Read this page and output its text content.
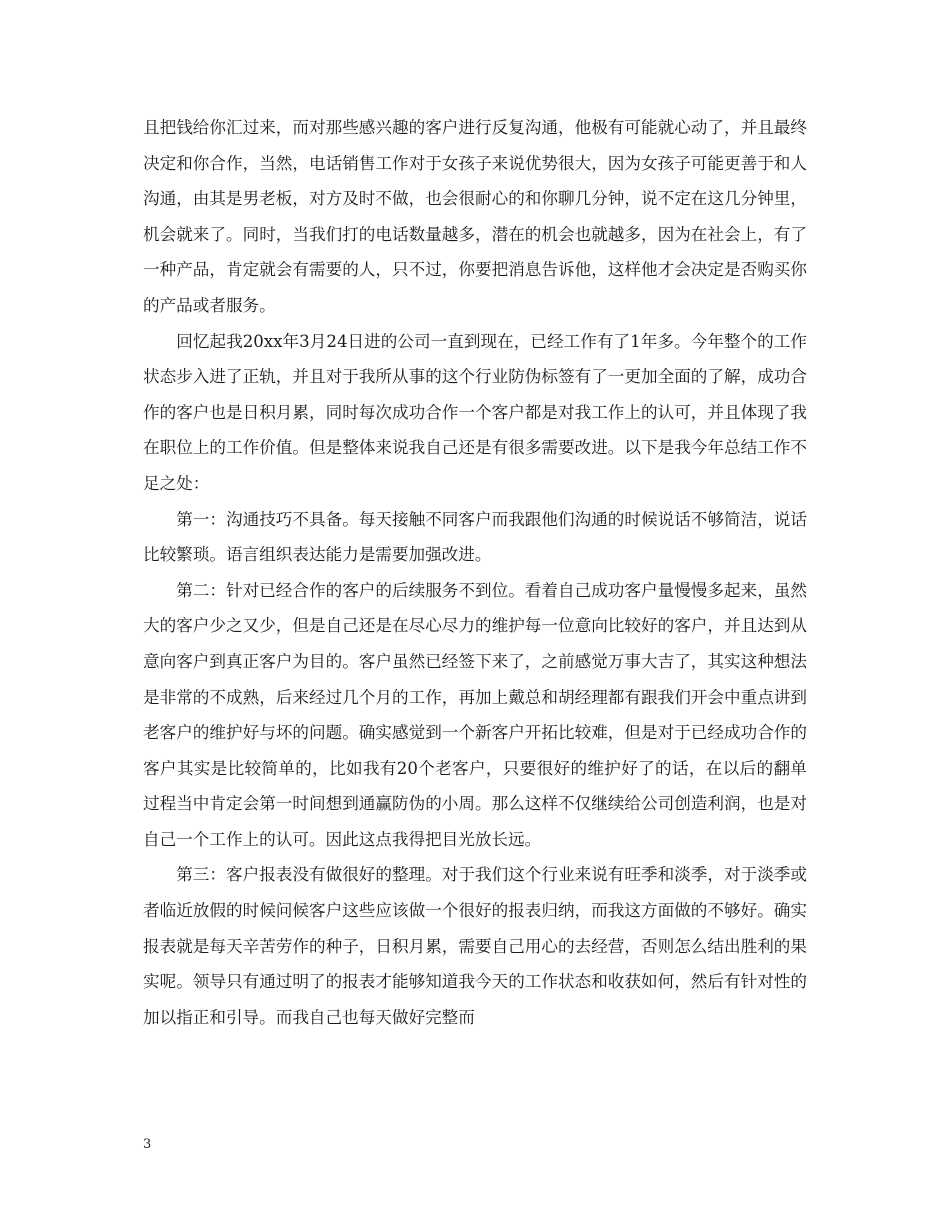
且把钱给你汇过来，而对那些感兴趣的客户进行反复沟通，他极有可能就心动了，并且最终决定和你合作，当然，电话销售工作对于女孩子来说优势很大，因为女孩子可能更善于和人沟通，由其是男老板，对方及时不做，也会很耐心的和你聊几分钟，说不定在这几分钟里，机会就来了。同时，当我们打的电话数量越多，潜在的机会也就越多，因为在社会上，有了一种产品，肯定就会有需要的人，只不过，你要把消息告诉他，这样他才会决定是否购买你的产品或者服务。

回忆起我20xx年3月24日进的公司一直到现在，已经工作有了1年多。今年整个的工作状态步入进了正轨，并且对于我所从事的这个行业防伪标签有了一更加全面的了解，成功合作的客户也是日积月累，同时每次成功合作一个客户都是对我工作上的认可，并且体现了我在职位上的工作价值。但是整体来说我自己还是有很多需要改进。以下是我今年总结工作不足之处：

第一：沟通技巧不具备。每天接触不同客户而我跟他们沟通的时候说话不够简洁，说话比较繁琐。语言组织表达能力是需要加强改进。

第二：针对已经合作的客户的后续服务不到位。看着自己成功客户量慢慢多起来，虽然大的客户少之又少，但是自己还是在尽心尽力的维护每一位意向比较好的客户，并且达到从意向客户到真正客户为目的。客户虽然已经签下来了，之前感觉万事大吉了，其实这种想法是非常的不成熟，后来经过几个月的工作，再加上戴总和胡经理都有跟我们开会中重点讲到老客户的维护好与坏的问题。确实感觉到一个新客户开拓比较难，但是对于已经成功合作的客户其实是比较简单的，比如我有20个老客户，只要很好的维护好了的话，在以后的翻单过程当中肯定会第一时间想到通赢防伪的小周。那么这样不仅继续给公司创造利润，也是对自己一个工作上的认可。因此这点我得把目光放长远。

第三：客户报表没有做很好的整理。对于我们这个行业来说有旺季和淡季，对于淡季或者临近放假的时候问候客户这些应该做一个很好的报表归纳，而我这方面做的不够好。确实报表就是每天辛苦劳作的种子，日积月累，需要自己用心的去经营，否则怎么结出胜利的果实呢。领导只有通过明了的报表才能够知道我今天的工作状态和收获如何，然后有针对性的加以指正和引导。而我自己也每天做好完整而

3
